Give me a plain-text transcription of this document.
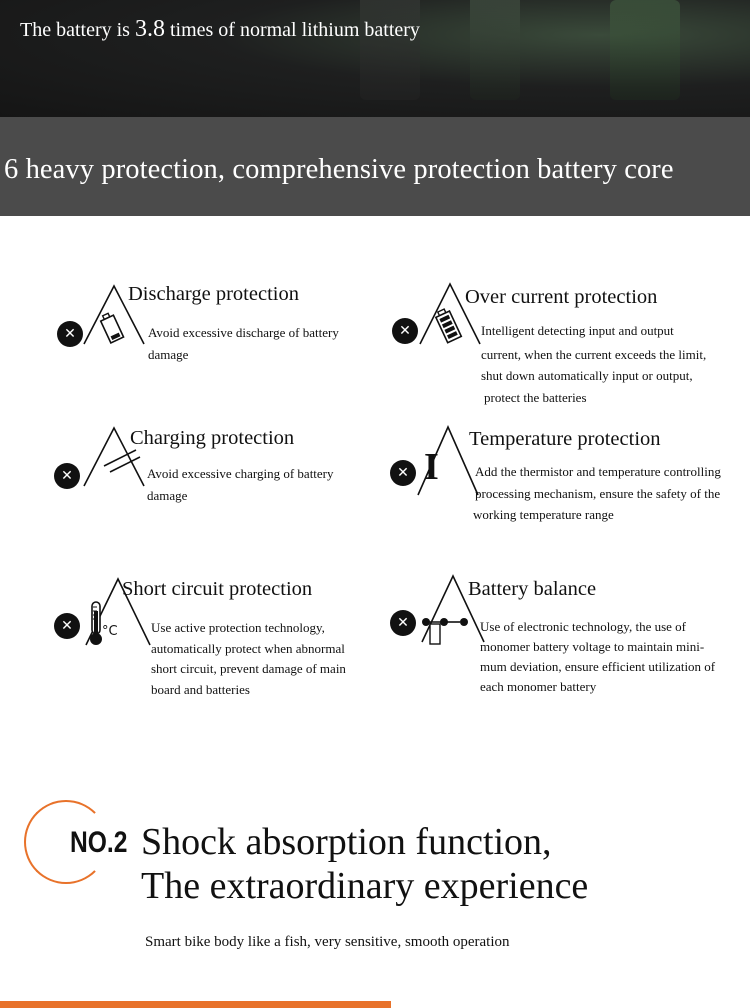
The battery is 3.8 times of normal lithium battery
6 heavy protection, comprehensive protection battery core
✕
Discharge protection
Avoid excessive discharge of battery
damage
✕
Over current protection
Intelligent detecting input and output
current, when the current exceeds the limit,
shut down automatically input or output,
protect the batteries
✕
Charging protection
Avoid excessive charging of battery
damage
I
✕
Temperature protection
Add the thermistor and temperature controlling
processing mechanism, ensure the safety of the
working temperature range
°C
✕
Short circuit protection
Use active protection technology,
automatically protect when abnormal
short circuit, prevent damage of main
board and batteries
✕
Battery balance
Use of electronic technology, the use of
monomer battery voltage to maintain mini-
mum deviation, ensure efficient utilization of
each monomer battery
NO.2 Shock absorption function,
The extraordinary experience
Smart bike body like a fish, very sensitive, smooth operation
